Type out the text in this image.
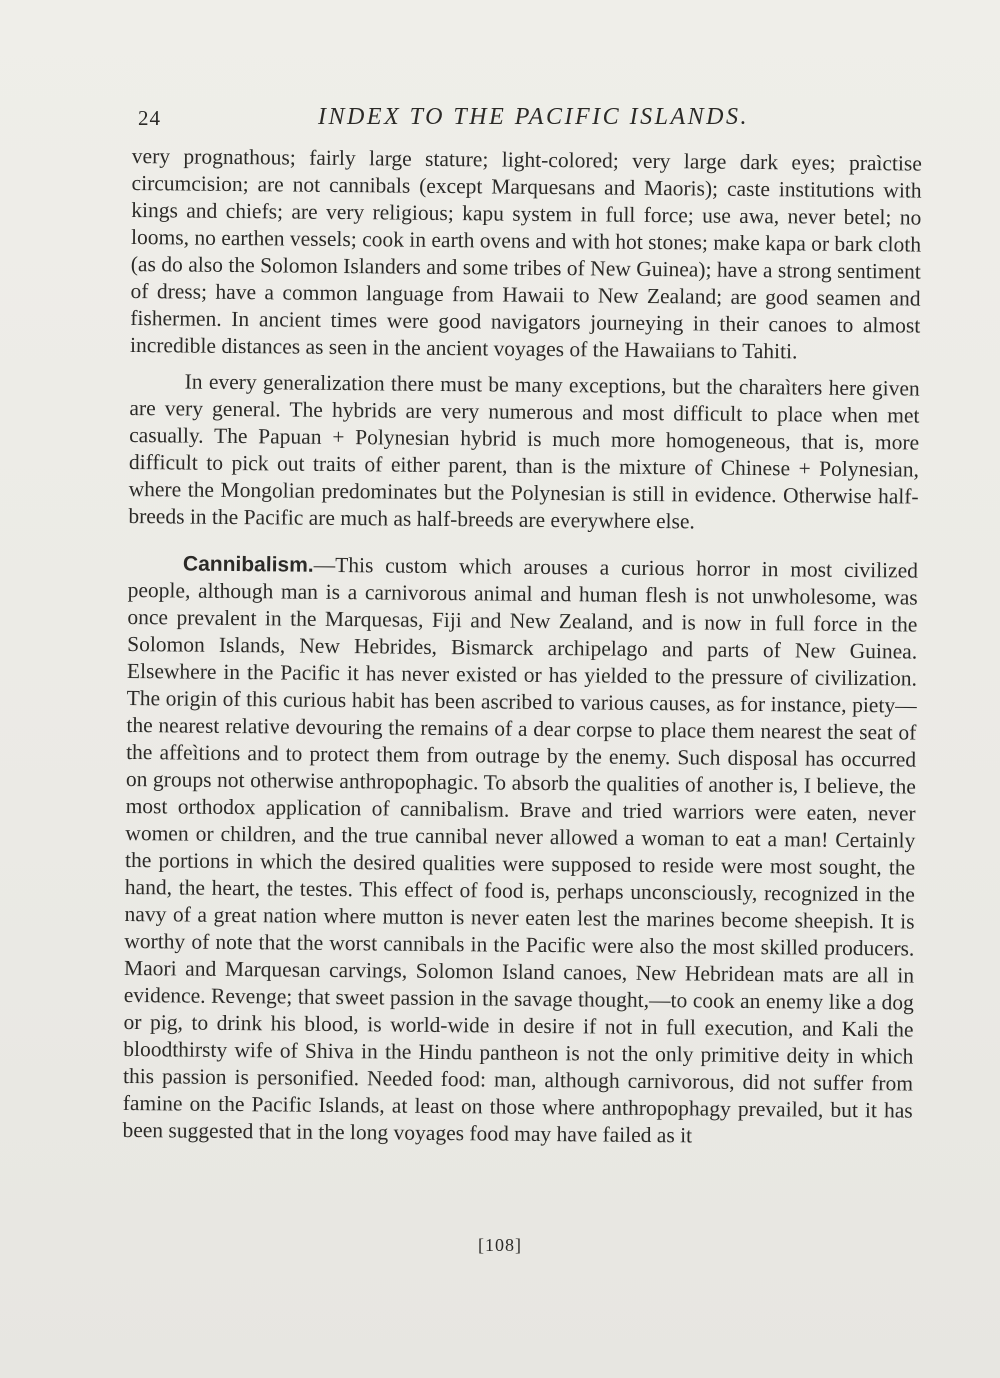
24	INDEX TO THE PACIFIC ISLANDS.

very prognathous; fairly large stature; light-colored; very large dark eyes; praìctise circumcision; are not cannibals (except Marquesans and Maoris); caste institutions with kings and chiefs; are very religious; kapu system in full force; use awa, never betel; no looms, no earthen vessels; cook in earth ovens and with hot stones; make kapa or bark cloth (as do also the Solomon Islanders and some tribes of New Guinea); have a strong sentiment of dress; have a common language from Hawaii to New Zealand; are good seamen and fishermen. In ancient times were good navigators journeying in their canoes to almost incredible distances as seen in the ancient voyages of the Hawaiians to Tahiti.

In every generalization there must be many exceptions, but the charaìters here given are very general. The hybrids are very numerous and most difficult to place when met casually. The Papuan + Polynesian hybrid is much more homogeneous, that is, more difficult to pick out traits of either parent, than is the mixture of Chinese + Polynesian, where the Mongolian predominates but the Polynesian is still in evidence. Otherwise half-breeds in the Pacific are much as half-breeds are everywhere else.

Cannibalism.—This custom which arouses a curious horror in most civilized people, although man is a carnivorous animal and human flesh is not unwholesome, was once prevalent in the Marquesas, Fiji and New Zealand, and is now in full force in the Solomon Islands, New Hebrides, Bismarck archipelago and parts of New Guinea. Elsewhere in the Pacific it has never existed or has yielded to the pressure of civilization. The origin of this curious habit has been ascribed to various causes, as for instance, piety—the nearest relative devouring the remains of a dear corpse to place them nearest the seat of the affeìtions and to protect them from outrage by the enemy. Such disposal has occurred on groups not otherwise anthropophagic. To absorb the qualities of another is, I believe, the most orthodox application of cannibalism. Brave and tried warriors were eaten, never women or children, and the true cannibal never allowed a woman to eat a man! Certainly the portions in which the desired qualities were supposed to reside were most sought, the hand, the heart, the testes. This effect of food is, perhaps unconsciously, recognized in the navy of a great nation where mutton is never eaten lest the marines become sheepish. It is worthy of note that the worst cannibals in the Pacific were also the most skilled producers. Maori and Marquesan carvings, Solomon Island canoes, New Hebridean mats are all in evidence. Revenge; that sweet passion in the savage thought,—to cook an enemy like a dog or pig, to drink his blood, is world-wide in desire if not in full execution, and Kali the bloodthirsty wife of Shiva in the Hindu pantheon is not the only primitive deity in which this passion is personified. Needed food: man, although carnivorous, did not suffer from famine on the Pacific Islands, at least on those where anthropophagy prevailed, but it has been suggested that in the long voyages food may have failed as it

[108]
